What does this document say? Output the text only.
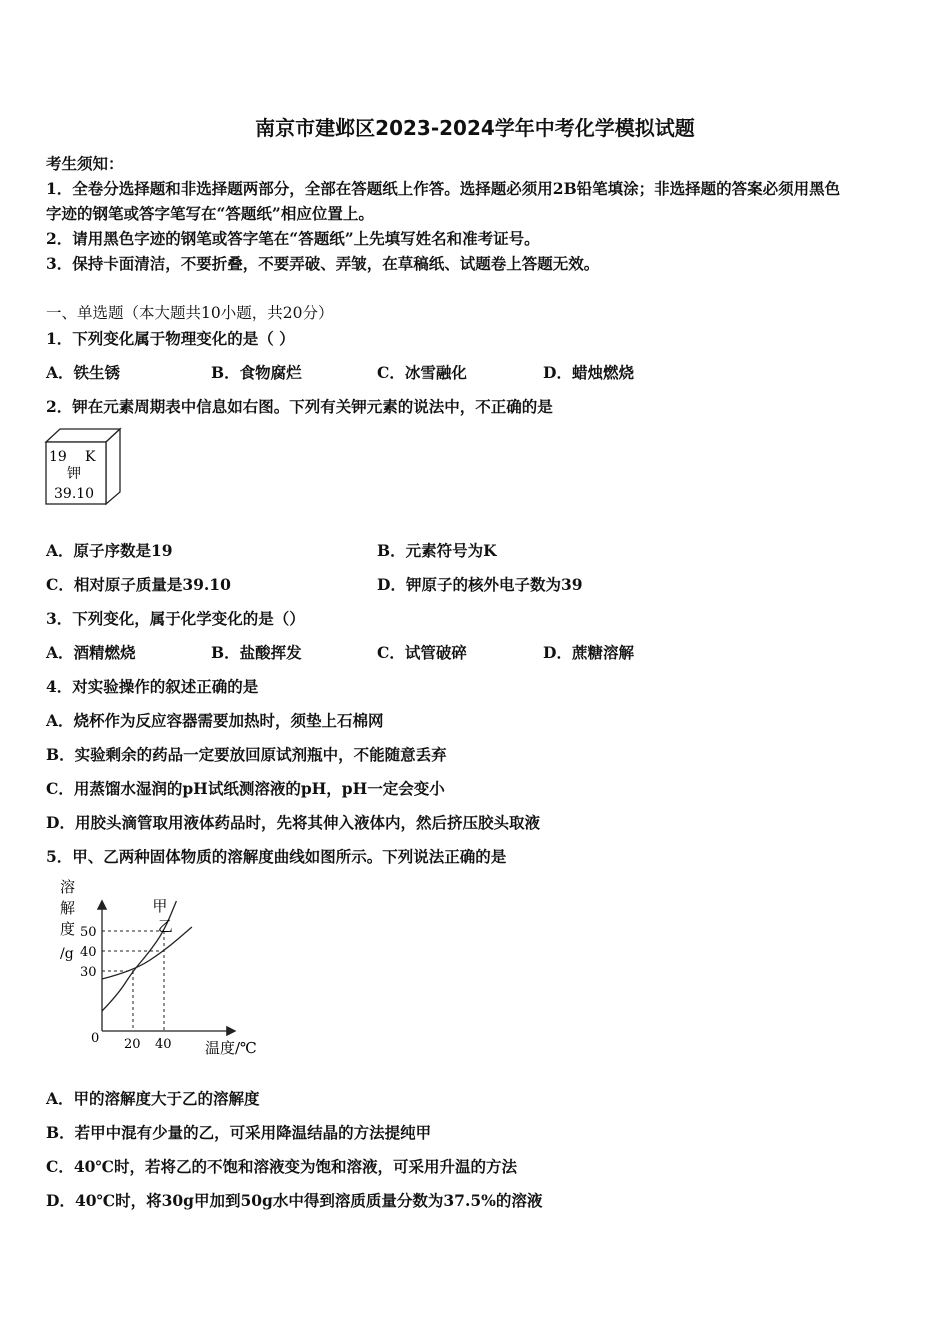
南京市建邺区2023-2024学年中考化学模拟试题
考生须知：
1．全卷分选择题和非选择题两部分，全部在答题纸上作答。选择题必须用2B铅笔填涂；非选择题的答案必须用黑色
字迹的钢笔或答字笔写在“答题纸”相应位置上。
2．请用黑色字迹的钢笔或答字笔在“答题纸”上先填写姓名和准考证号。
3．保持卡面清洁，不要折叠，不要弄破、弄皱，在草稿纸、试题卷上答题无效。
一、单选题（本大题共10小题，共20分）
1．下列变化属于物理变化的是（ ）
A．铁生锈	B．食物腐烂	C．冰雪融化	D．蜡烛燃烧
2．钾在元素周期表中信息如右图。下列有关钾元素的说法中，不正确的是
19 K
钾
39.10
A．原子序数是19	B．元素符号为K
C．相对原子质量是39.10	D．钾原子的核外电子数为39
3．下列变化，属于化学变化的是（）
A．酒精燃烧	B．盐酸挥发	C．试管破碎	D．蔗糖溶解
4．对实验操作的叙述正确的是
A．烧杯作为反应容器需要加热时，须垫上石棉网
B．实验剩余的药品一定要放回原试剂瓶中，不能随意丢弃
C．用蒸馏水湿润的pH试纸测溶液的pH，pH一定会变小
D．用胶头滴管取用液体药品时，先将其伸入液体内，然后挤压胶头取液
5．甲、乙两种固体物质的溶解度曲线如图所示。下列说法正确的是
溶
解
度
/g
温度/℃
0
30
40
50
20 40
甲
乙
A．甲的溶解度大于乙的溶解度
B．若甲中混有少量的乙，可采用降温结晶的方法提纯甲
C．40℃时，若将乙的不饱和溶液变为饱和溶液，可采用升温的方法
D．40℃时，将30g甲加到50g水中得到溶质质量分数为37.5%的溶液
